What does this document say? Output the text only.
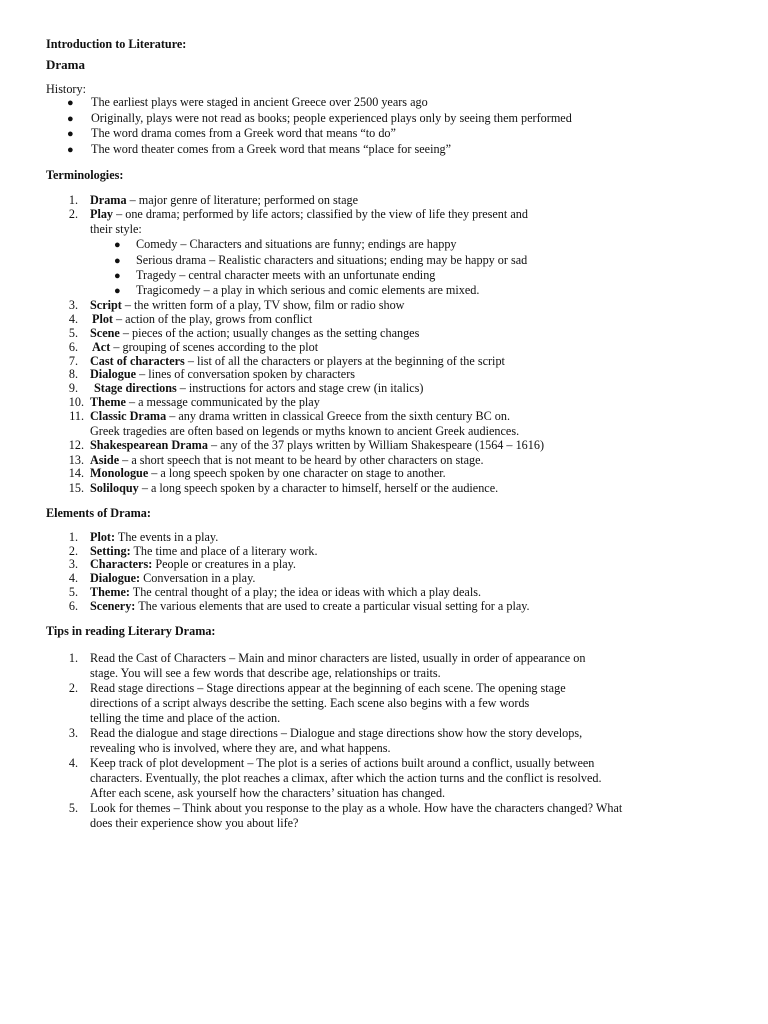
Introduction to Literature:
Drama
History:
● The earliest plays were staged in ancient Greece over 2500 years ago
● Originally, plays were not read as books; people experienced plays only by seeing them performed
● The word drama comes from a Greek word that means “to do”
● The word theater comes from a Greek word that means “place for seeing”
Terminologies:
1. Drama – major genre of literature; performed on stage
2. Play – one drama; performed by life actors; classified by the view of life they present and
their style:
● Comedy – Characters and situations are funny; endings are happy
● Serious drama – Realistic characters and situations; ending may be happy or sad
● Tragedy – central character meets with an unfortunate ending
● Tragicomedy – a play in which serious and comic elements are mixed.
3. Script – the written form of a play, TV show, film or radio show
4. Plot – action of the play, grows from conflict
5. Scene – pieces of the action; usually changes as the setting changes
6. Act – grouping of scenes according to the plot
7. Cast of characters – list of all the characters or players at the beginning of the script
8. Dialogue – lines of conversation spoken by characters
9. Stage directions – instructions for actors and stage crew (in italics)
10. Theme – a message communicated by the play
11. Classic Drama – any drama written in classical Greece from the sixth century BC on.
Greek tragedies are often based on legends or myths known to ancient Greek audiences.
12. Shakespearean Drama – any of the 37 plays written by William Shakespeare (1564 – 1616)
13. Aside – a short speech that is not meant to be heard by other characters on stage.
14. Monologue – a long speech spoken by one character on stage to another.
15. Soliloquy – a long speech spoken by a character to himself, herself or the audience.
Elements of Drama:
1. Plot: The events in a play.
2. Setting: The time and place of a literary work.
3. Characters: People or creatures in a play.
4. Dialogue: Conversation in a play.
5. Theme: The central thought of a play; the idea or ideas with which a play deals.
6. Scenery: The various elements that are used to create a particular visual setting for a play.
Tips in reading Literary Drama:
1. Read the Cast of Characters – Main and minor characters are listed, usually in order of appearance on
stage. You will see a few words that describe age, relationships or traits.
2. Read stage directions – Stage directions appear at the beginning of each scene. The opening stage
directions of a script always describe the setting. Each scene also begins with a few words
telling the time and place of the action.
3. Read the dialogue and stage directions – Dialogue and stage directions show how the story develops,
revealing who is involved, where they are, and what happens.
4. Keep track of plot development – The plot is a series of actions built around a conflict, usually between
characters. Eventually, the plot reaches a climax, after which the action turns and the conflict is resolved.
After each scene, ask yourself how the characters’ situation has changed.
5. Look for themes – Think about you response to the play as a whole. How have the characters changed? What
does their experience show you about life?
